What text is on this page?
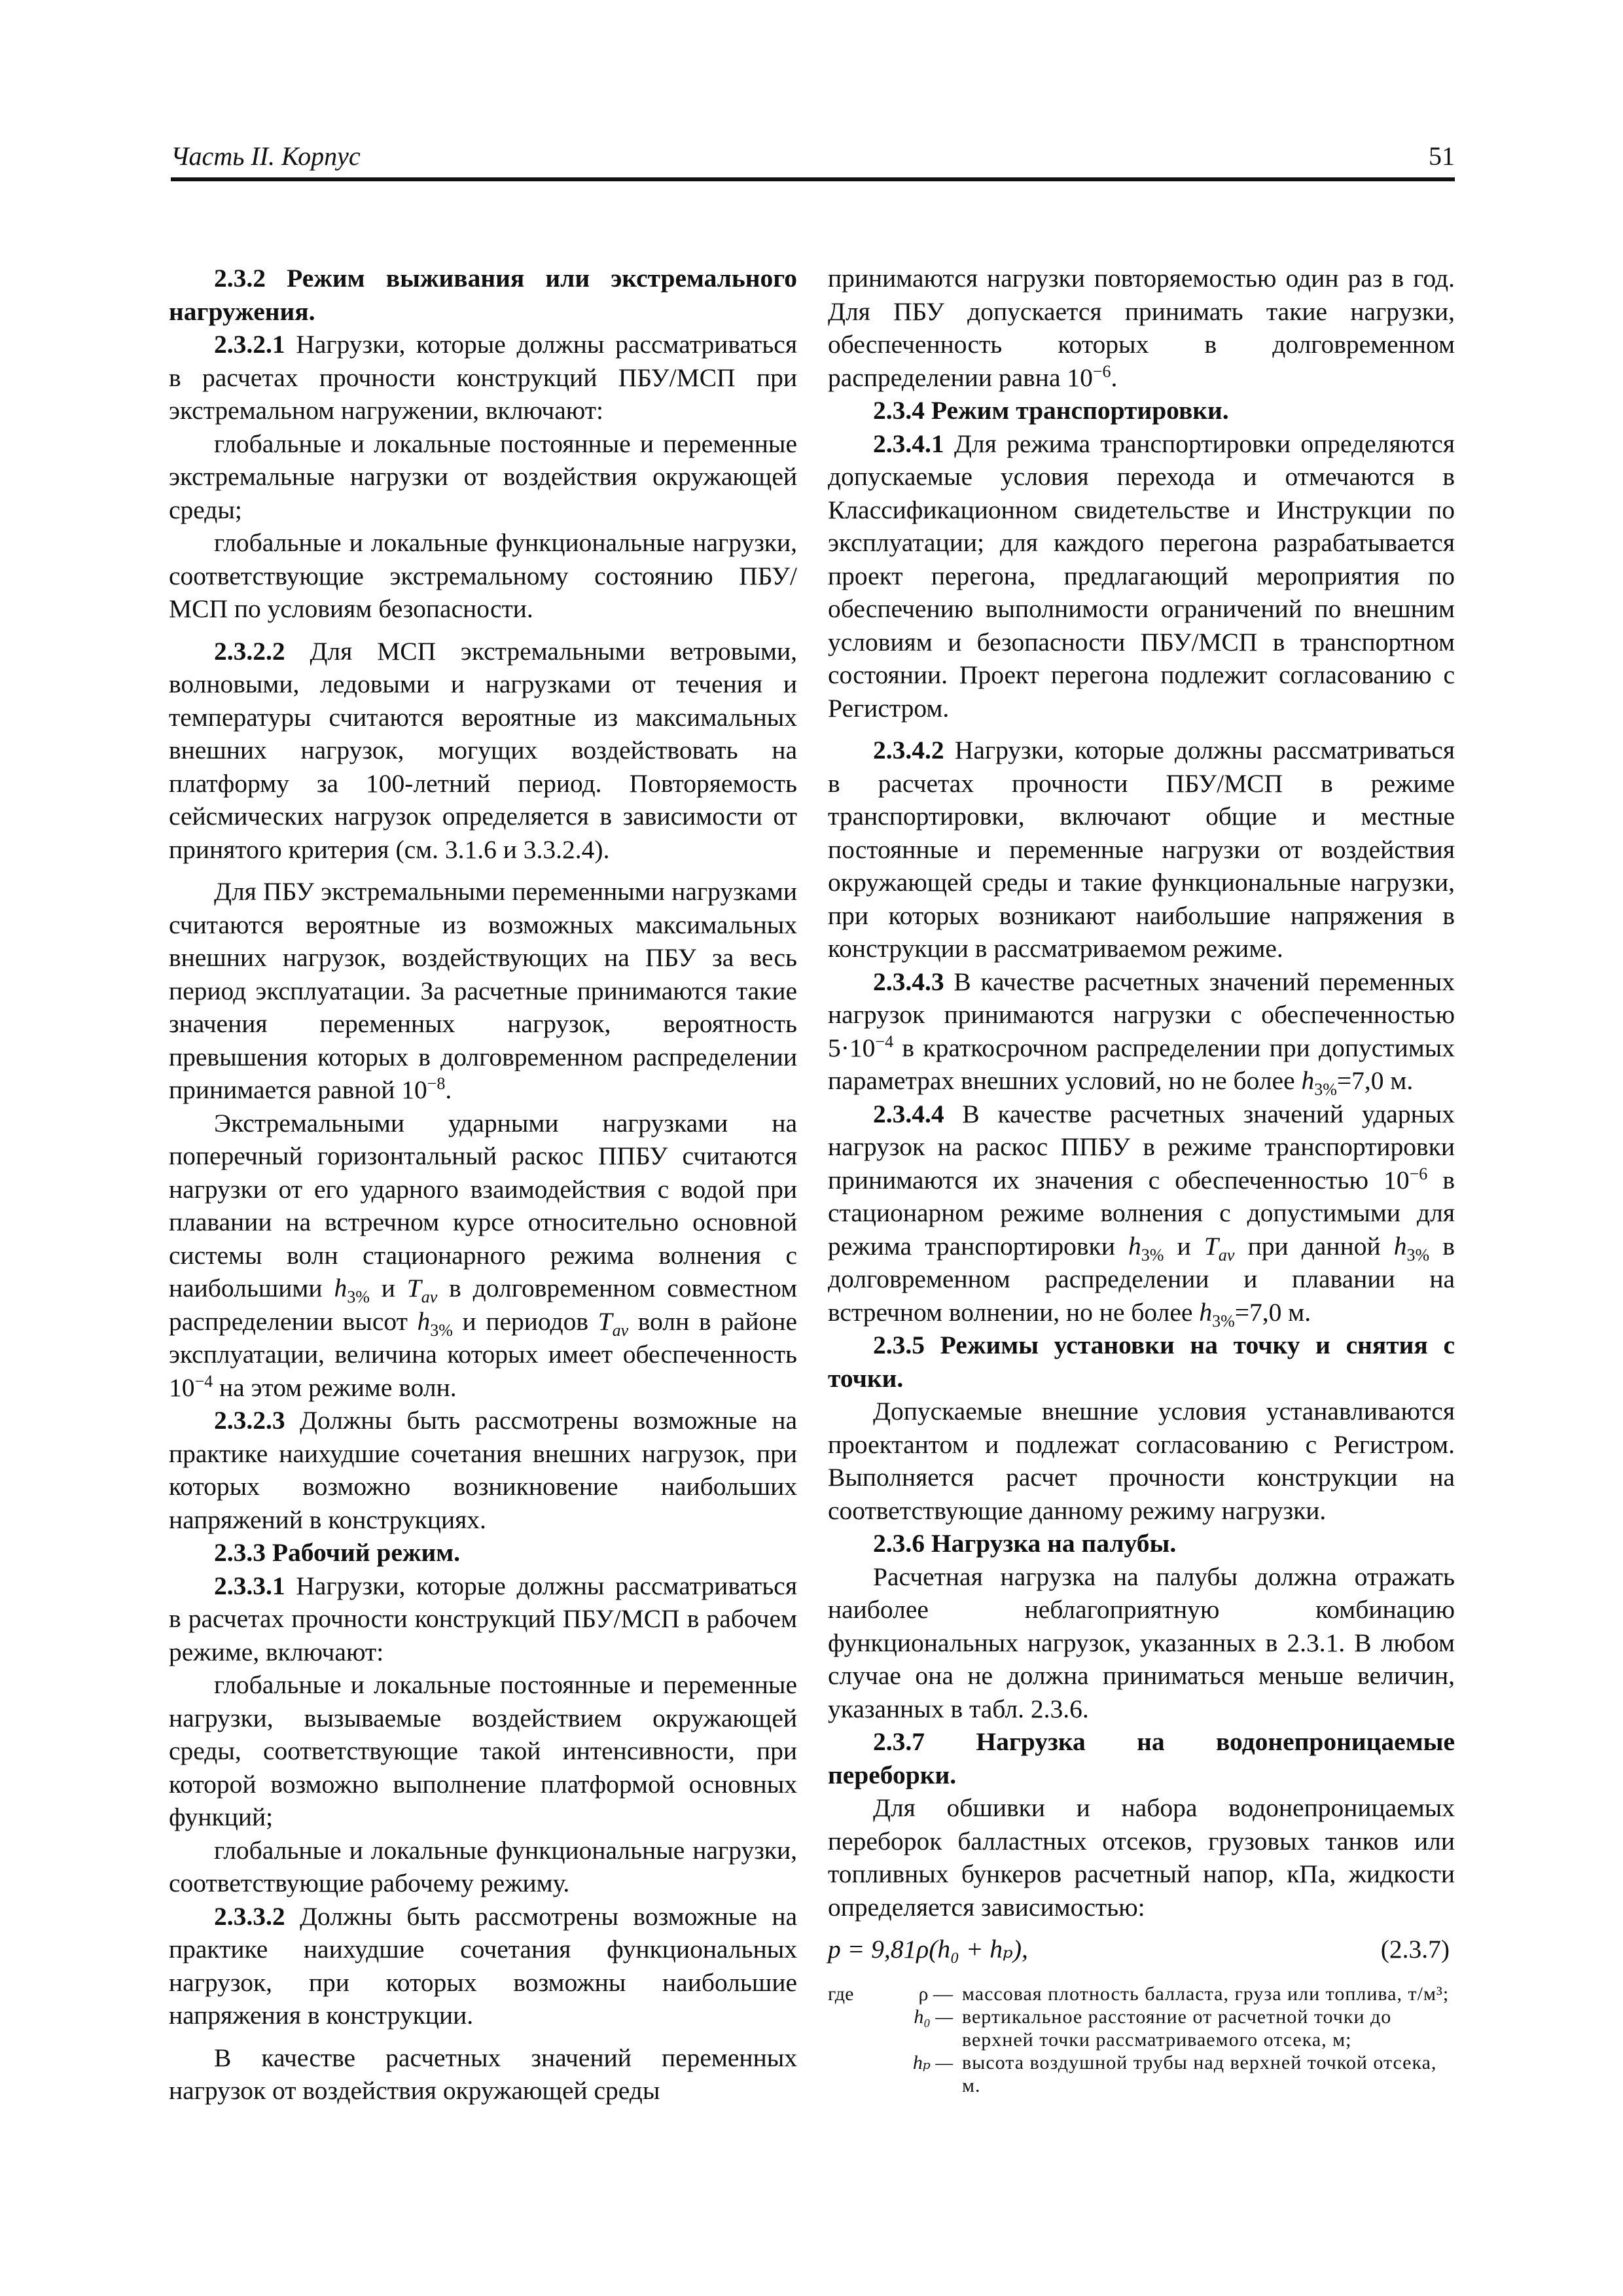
Часть II. Корпус	51

2.3.2 Режим выживания или экстремального нагружения.

2.3.2.1 Нагрузки, которые должны рассматриваться в расчетах прочности конструкций ПБУ/МСП при экстремальном нагружении, включают:

глобальные и локальные постоянные и переменные экстремальные нагрузки от воздействия окружающей среды;

глобальные и локальные функциональные нагрузки, соответствующие экстремальному состоянию ПБУ/МСП по условиям безопасности.

2.3.2.2 Для МСП экстремальными ветровыми, волновыми, ледовыми и нагрузками от течения и температуры считаются вероятные из максимальных внешних нагрузок, могущих воздействовать на платформу за 100-летний период. Повторяемость сейсмических нагрузок определяется в зависимости от принятого критерия (см. 3.1.6 и 3.3.2.4).

Для ПБУ экстремальными переменными нагрузками считаются вероятные из возможных максимальных внешних нагрузок, воздействующих на ПБУ за весь период эксплуатации. За расчетные принимаются такие значения переменных нагрузок, вероятность превышения которых в долговременном распределении принимается равной $10^{-8}$.

Экстремальными ударными нагрузками на поперечный горизонтальный раскос ППБУ считаются нагрузки от его ударного взаимодействия с водой при плавании на встречном курсе относительно основной системы волн стационарного режима волнения с наибольшими $h_{3\%}$ и $T_{av}$ в долговременном совместном распределении высот $h_{3\%}$ и периодов $T_{av}$ волн в районе эксплуатации, величина которых имеет обеспеченность $10^{-4}$ на этом режиме волн.

2.3.2.3 Должны быть рассмотрены возможные на практике наихудшие сочетания внешних нагрузок, при которых возможно возникновение наибольших напряжений в конструкциях.

2.3.3 Рабочий режим.

2.3.3.1 Нагрузки, которые должны рассматриваться в расчетах прочности конструкций ПБУ/МСП в рабочем режиме, включают:

глобальные и локальные постоянные и переменные нагрузки, вызываемые воздействием окружающей среды, соответствующие такой интенсивности, при которой возможно выполнение платформой основных функций;

глобальные и локальные функциональные нагрузки, соответствующие рабочему режиму.

2.3.3.2 Должны быть рассмотрены возможные на практике наихудшие сочетания функциональных нагрузок, при которых возможны наибольшие напряжения в конструкции.

В качестве расчетных значений переменных нагрузок от воздействия окружающей среды

принимаются нагрузки повторяемостью один раз в год. Для ПБУ допускается принимать такие нагрузки, обеспеченность которых в долговременном распределении равна $10^{-6}$.

2.3.4 Режим транспортировки.

2.3.4.1 Для режима транспортировки определяются допускаемые условия перехода и отмечаются в Классификационном свидетельстве и Инструкции по эксплуатации; для каждого перегона разрабатывается проект перегона, предлагающий мероприятия по обеспечению выполнимости ограничений по внешним условиям и безопасности ПБУ/МСП в транспортном состоянии. Проект перегона подлежит согласованию с Регистром.

2.3.4.2 Нагрузки, которые должны рассматриваться в расчетах прочности ПБУ/МСП в режиме транспортировки, включают общие и местные постоянные и переменные нагрузки от воздействия окружающей среды и такие функциональные нагрузки, при которых возникают наибольшие напряжения в конструкции в рассматриваемом режиме.

2.3.4.3 В качестве расчетных значений переменных нагрузок принимаются нагрузки с обеспеченностью $5\cdot 10^{-4}$ в краткосрочном распределении при допустимых параметрах внешних условий, но не более $h_{3\%}=7,0$ м.

2.3.4.4 В качестве расчетных значений ударных нагрузок на раскос ППБУ в режиме транспортировки принимаются их значения с обеспеченностью $10^{-6}$ в стационарном режиме волнения с допустимыми для режима транспортировки $h_{3\%}$ и $T_{av}$ при данной $h_{3\%}$ в долговременном распределении и плавании на встречном волнении, но не более $h_{3\%}=7,0$ м.

2.3.5 Режимы установки на точку и снятия с точки.

Допускаемые внешние условия устанавливаются проектантом и подлежат согласованию с Регистром. Выполняется расчет прочности конструкции на соответствующие данному режиму нагрузки.

2.3.6 Нагрузка на палубы.

Расчетная нагрузка на палубы должна отражать наиболее неблагоприятную комбинацию функциональных нагрузок, указанных в 2.3.1. В любом случае она не должна приниматься меньше величин, указанных в табл. 2.3.6.

2.3.7 Нагрузка на водонепроницаемые переборки.

Для обшивки и набора водонепроницаемых переборок балластных отсеков, грузовых танков или топливных бункеров расчетный напор, кПа, жидкости определяется зависимостью:

p = 9,81ρ(h₀ + hₚ),	(2.3.7)
где	ρ — массовая плотность балласта, груза или топлива, т/м³;
h₀ — вертикальное расстояние от расчетной точки до верхней точки рассматриваемого отсека, м;
hₚ — высота воздушной трубы над верхней точкой отсека, м.
